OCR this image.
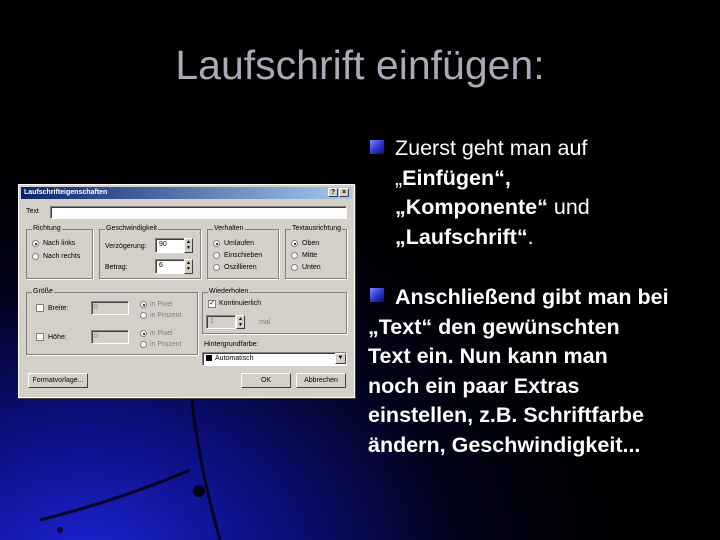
Laufschrift einfügen:
Zuerst geht man auf
„Einfügen“,
„Komponente“ und
„Laufschrift“.
Anschließend gibt man bei
„Text“ den gewünschten
Text ein. Nun kann man
noch ein paar Extras
einstellen, z.B. Schriftfarbe
ändern, Geschwindigkeit...
Laufschrifteigenschaften	? ×
Text
Richtung
Nach links
Nach rechts
Geschwindigkeit
Verzögerung:	90	▲
▼
Betrag:	6	▲
▼
Verhalten
Umlaufen
Einschieben
Oszillieren
Textausrichtung
Oben
Mitte
Unten
Größe
Breite:	0	in Pixel
in Prozent
Höhe:	0	in Pixel
in Prozent
Wiederholen
✓ Kontinuierlich
1	▲
▼ mal
Hintergrundfarbe:
Automatisch	▼
Formatvorlage...	OK	Abbrechen
